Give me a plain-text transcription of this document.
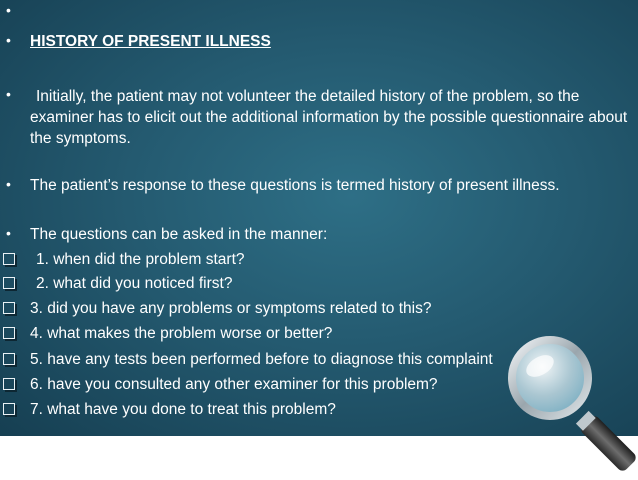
•
• HISTORY OF PRESENT ILLNESS
•	Initially, the patient may not volunteer the detailed history of the problem, so the examiner has to elicit out the additional information by the possible questionnaire about the symptoms.
• The patient’s response to these questions is termed history of present illness.
• The questions can be asked in the manner:
1. when did the problem start?
2. what did you noticed first?
3. did you have any problems or symptoms related to this?
4. what makes the problem worse or better?
5. have any tests been performed before to diagnose this complaint
6. have you consulted any other examiner for this problem?
7. what have you done to treat this problem?
